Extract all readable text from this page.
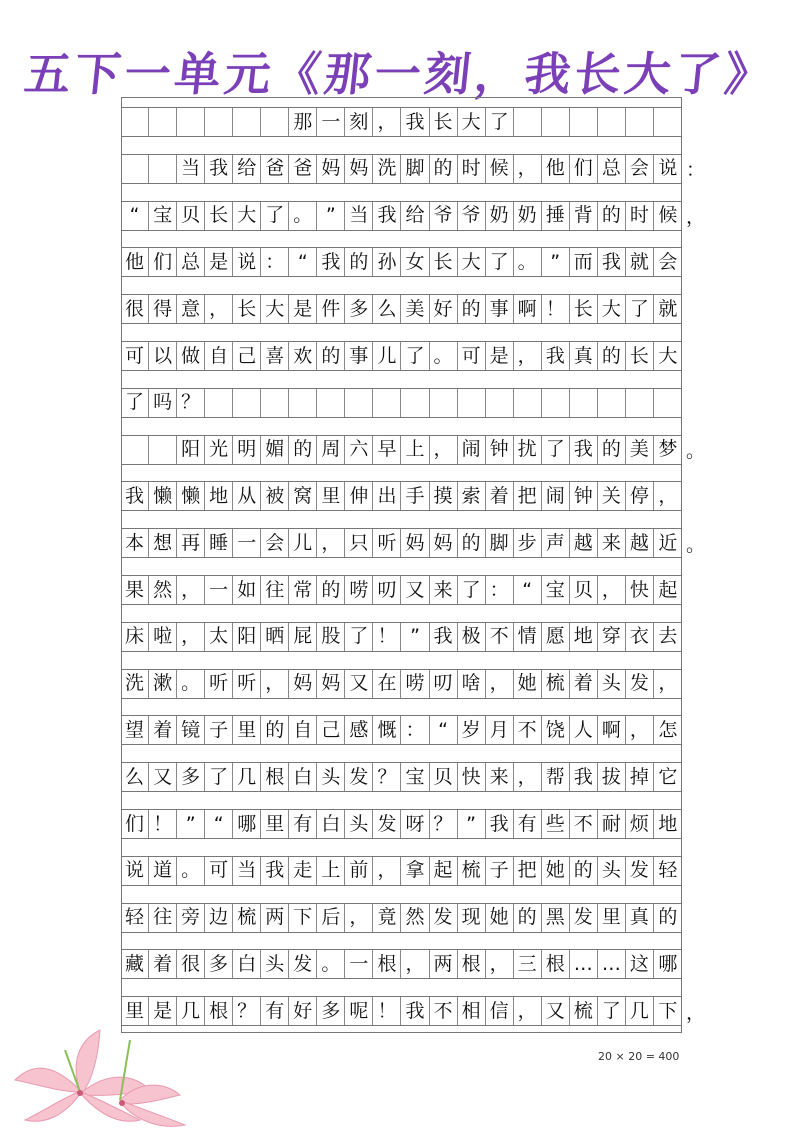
五下一单元《那一刻，我长大了》
那 一 刻 ， 我 长 大 了
当 我 给 爸 爸 妈 妈 洗 脚 的 时 候 ， 他 们 总 会 说 ：
“ 宝 贝 长 大 了 。 ” 当 我 给 爷 爷 奶 奶 捶 背 的 时 候 ，
他 们 总 是 说 ： “ 我 的 孙 女 长 大 了 。 ” 而 我 就 会
很 得 意 ， 长 大 是 件 多 么 美 好 的 事 啊 ！ 长 大 了 就
可 以 做 自 己 喜 欢 的 事 儿 了 。 可 是 ， 我 真 的 长 大
了 吗 ？
阳 光 明 媚 的 周 六 早 上 ， 闹 钟 扰 了 我 的 美 梦 。
我 懒 懒 地 从 被 窝 里 伸 出 手 摸 索 着 把 闹 钟 关 停 ，
本 想 再 睡 一 会 儿 ， 只 听 妈 妈 的 脚 步 声 越 来 越 近 。
果 然 ， 一 如 往 常 的 唠 叨 又 来 了 ： “ 宝 贝 ， 快 起
床 啦 ， 太 阳 晒 屁 股 了 ！ ” 我 极 不 情 愿 地 穿 衣 去
洗 漱 。 听 听 ， 妈 妈 又 在 唠 叨 啥 ， 她 梳 着 头 发 ，
望 着 镜 子 里 的 自 己 感 慨 ： “ 岁 月 不 饶 人 啊 ， 怎
么 又 多 了 几 根 白 头 发 ？ 宝 贝 快 来 ， 帮 我 拔 掉 它
们 ！ ” “ 哪 里 有 白 头 发 呀 ？ ” 我 有 些 不 耐 烦 地
说 道 。 可 当 我 走 上 前 ， 拿 起 梳 子 把 她 的 头 发 轻
轻 往 旁 边 梳 两 下 后 ， 竟 然 发 现 她 的 黑 发 里 真 的
藏 着 很 多 白 头 发 。 一 根 ， 两 根 ， 三 根 … … 这 哪
里 是 几 根 ？ 有 好 多 呢 ！ 我 不 相 信 ， 又 梳 了 几 下 ，
20 × 20 = 400
